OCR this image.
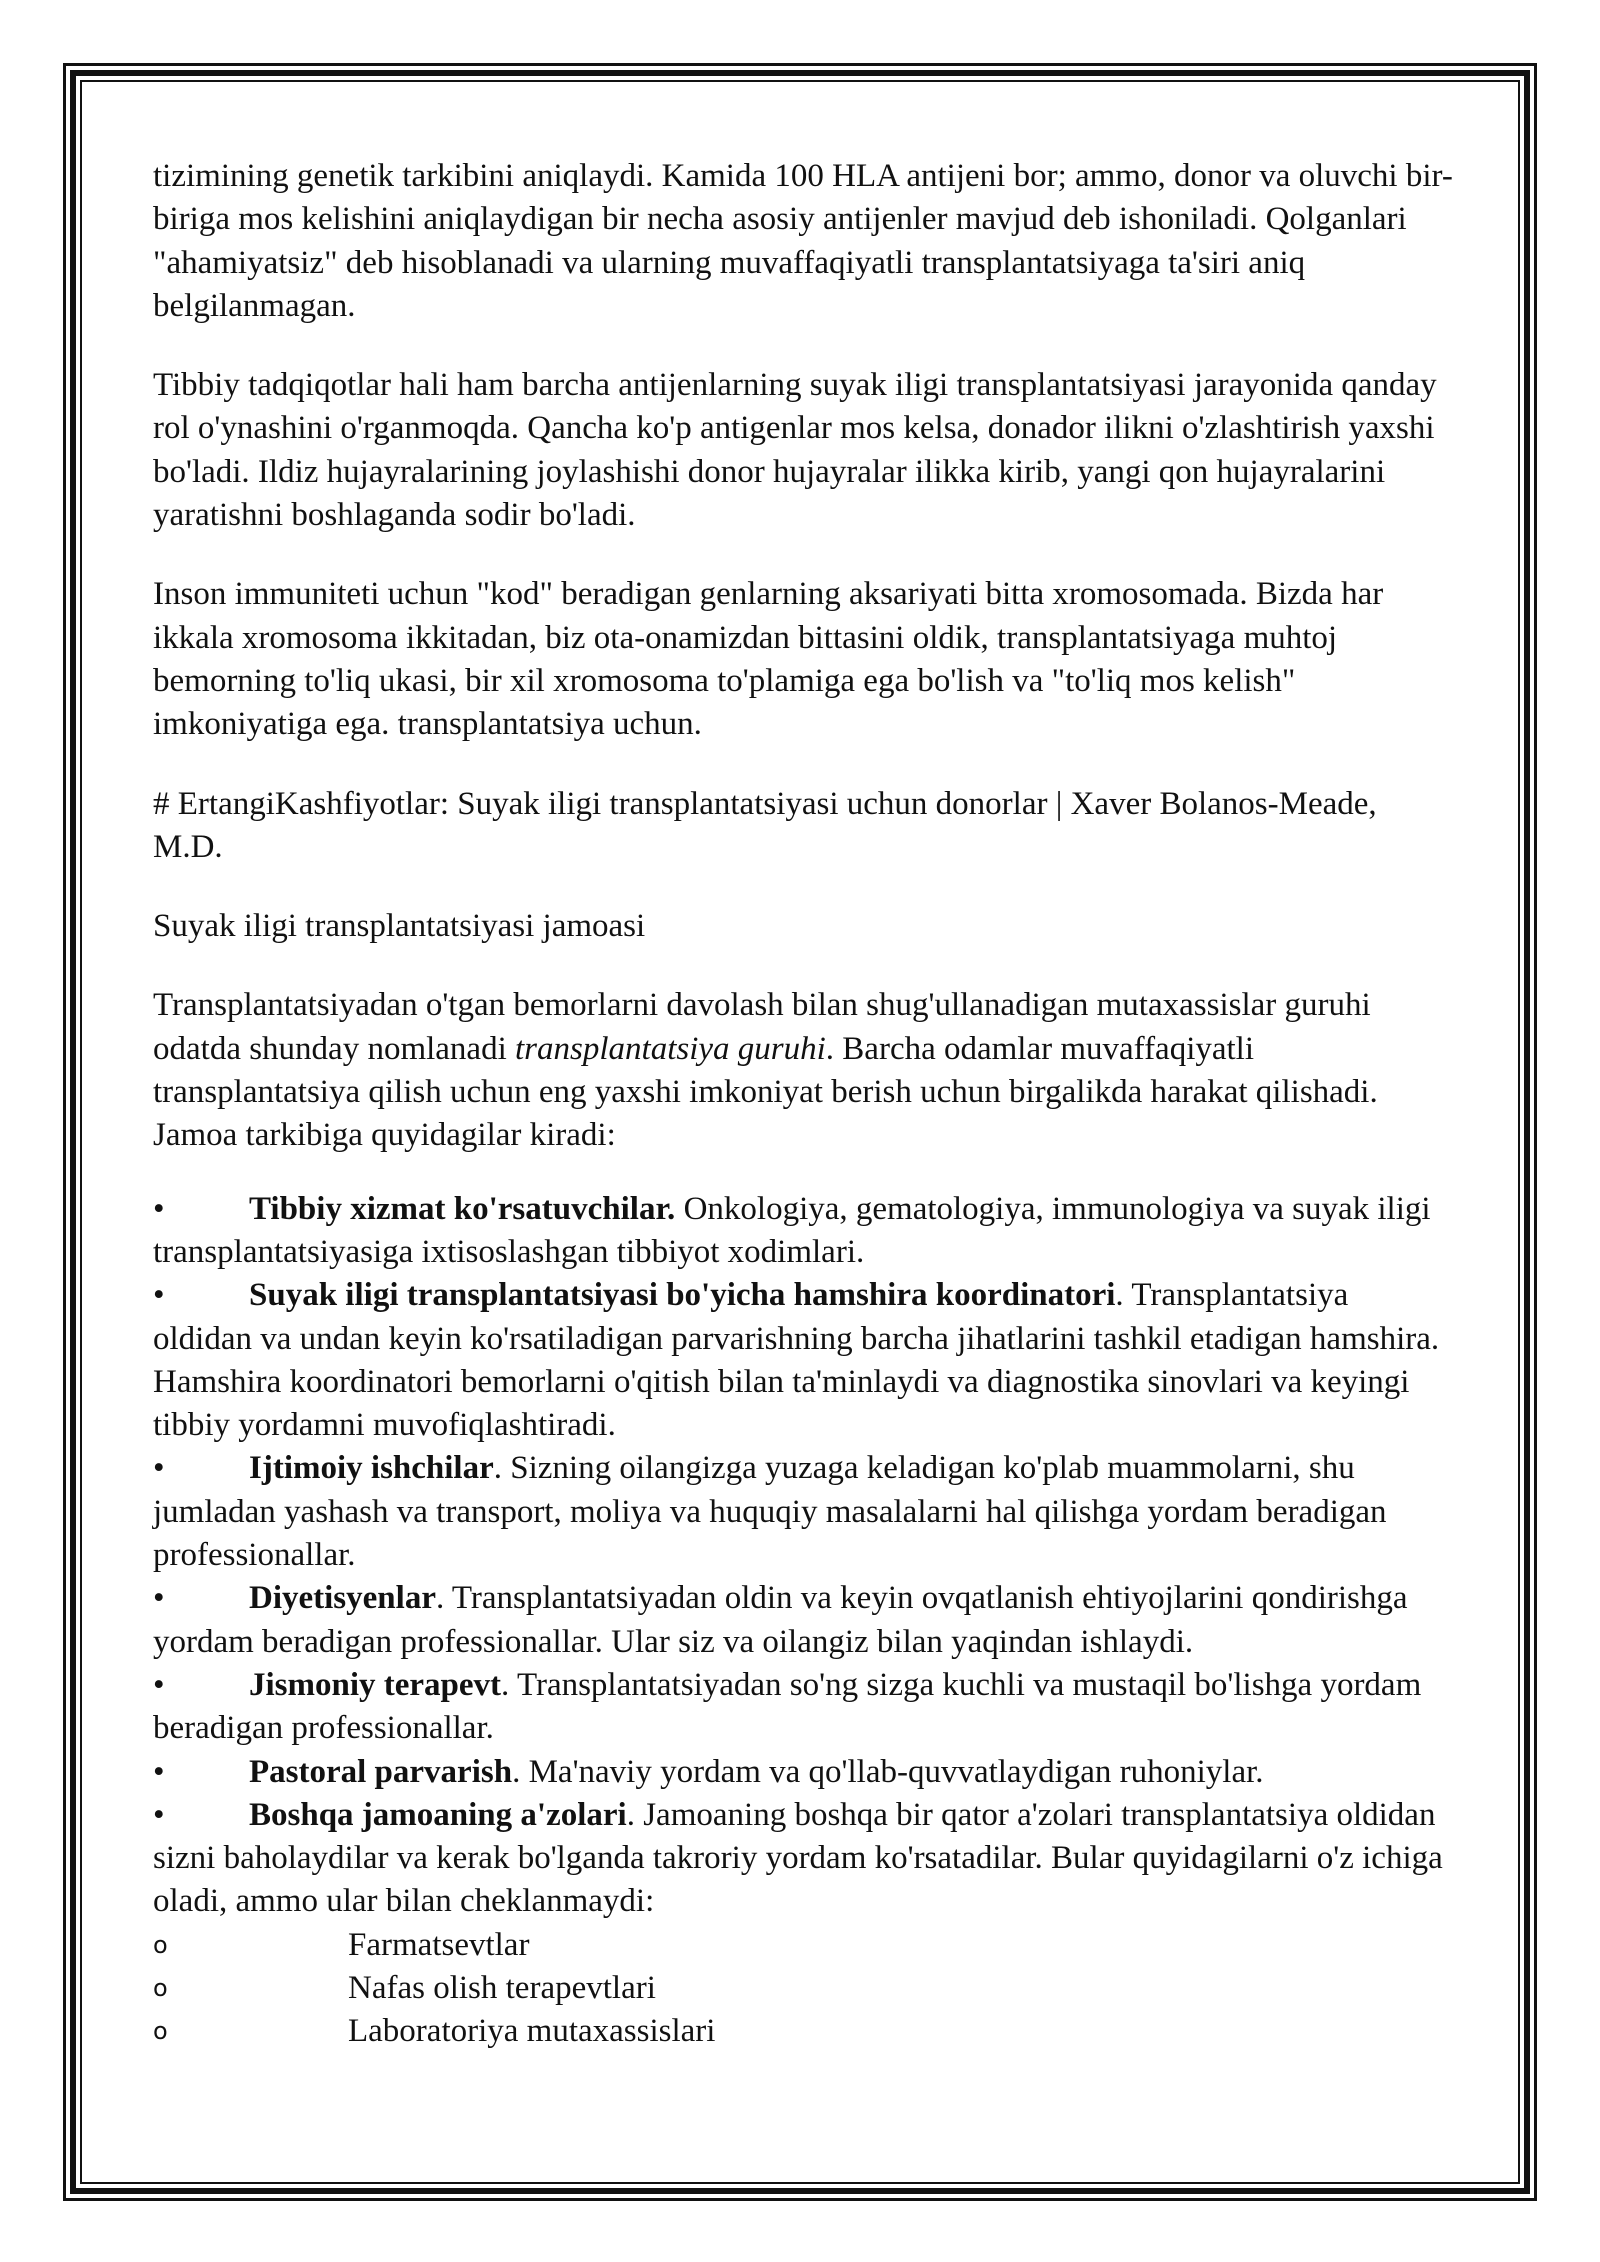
tizimining genetik tarkibini aniqlaydi. Kamida 100 HLA antijeni bor; ammo, donor va oluvchi bir-biriga mos kelishini aniqlaydigan bir necha asosiy antijenler mavjud deb ishoniladi. Qolganlari "ahamiyatsiz" deb hisoblanadi va ularning muvaffaqiyatli transplantatsiyaga ta'siri aniq belgilanmagan.

Tibbiy tadqiqotlar hali ham barcha antijenlarning suyak iligi transplantatsiyasi jarayonida qanday rol o'ynashini o'rganmoqda. Qancha ko'p antigenlar mos kelsa, donador ilikni o'zlashtirish yaxshi bo'ladi. Ildiz hujayralarining joylashishi donor hujayralar ilikka kirib, yangi qon hujayralarini yaratishni boshlaganda sodir bo'ladi.

Inson immuniteti uchun "kod" beradigan genlarning aksariyati bitta xromosomada. Bizda har ikkala xromosoma ikkitadan, biz ota-onamizdan bittasini oldik, transplantatsiyaga muhtoj bemorning to'liq ukasi, bir xil xromosoma to'plamiga ega bo'lish va "to'liq mos kelish" imkoniyatiga ega. transplantatsiya uchun.

# ErtangiKashfiyotlar: Suyak iligi transplantatsiyasi uchun donorlar | Xaver Bolanos-Meade, M.D.

Suyak iligi transplantatsiyasi jamoasi

Transplantatsiyadan o'tgan bemorlarni davolash bilan shug'ullanadigan mutaxassislar guruhi odatda shunday nomlanadi transplantatsiya guruhi. Barcha odamlar muvaffaqiyatli transplantatsiya qilish uchun eng yaxshi imkoniyat berish uchun birgalikda harakat qilishadi. Jamoa tarkibiga quyidagilar kiradi:

•	Tibbiy xizmat ko'rsatuvchilar. Onkologiya, gematologiya, immunologiya va suyak iligi transplantatsiyasiga ixtisoslashgan tibbiyot xodimlari.
•	Suyak iligi transplantatsiyasi bo'yicha hamshira koordinatori. Transplantatsiya oldidan va undan keyin ko'rsatiladigan parvarishning barcha jihatlarini tashkil etadigan hamshira. Hamshira koordinatori bemorlarni o'qitish bilan ta'minlaydi va diagnostika sinovlari va keyingi tibbiy yordamni muvofiqlashtiradi.
•	Ijtimoiy ishchilar. Sizning oilangizga yuzaga keladigan ko'plab muammolarni, shu jumladan yashash va transport, moliya va huquqiy masalalarni hal qilishga yordam beradigan professionallar.
•	Diyetisyenlar. Transplantatsiyadan oldin va keyin ovqatlanish ehtiyojlarini qondirishga yordam beradigan professionallar. Ular siz va oilangiz bilan yaqindan ishlaydi.
•	Jismoniy terapevt. Transplantatsiyadan so'ng sizga kuchli va mustaqil bo'lishga yordam beradigan professionallar.
•	Pastoral parvarish. Ma'naviy yordam va qo'llab-quvvatlaydigan ruhoniylar.
•	Boshqa jamoaning a'zolari. Jamoaning boshqa bir qator a'zolari transplantatsiya oldidan sizni baholaydilar va kerak bo'lganda takroriy yordam ko'rsatadilar. Bular quyidagilarni o'z ichiga oladi, ammo ular bilan cheklanmaydi:
o	Farmatsevtlar
o	Nafas olish terapevtlari
o	Laboratoriya mutaxassislari
